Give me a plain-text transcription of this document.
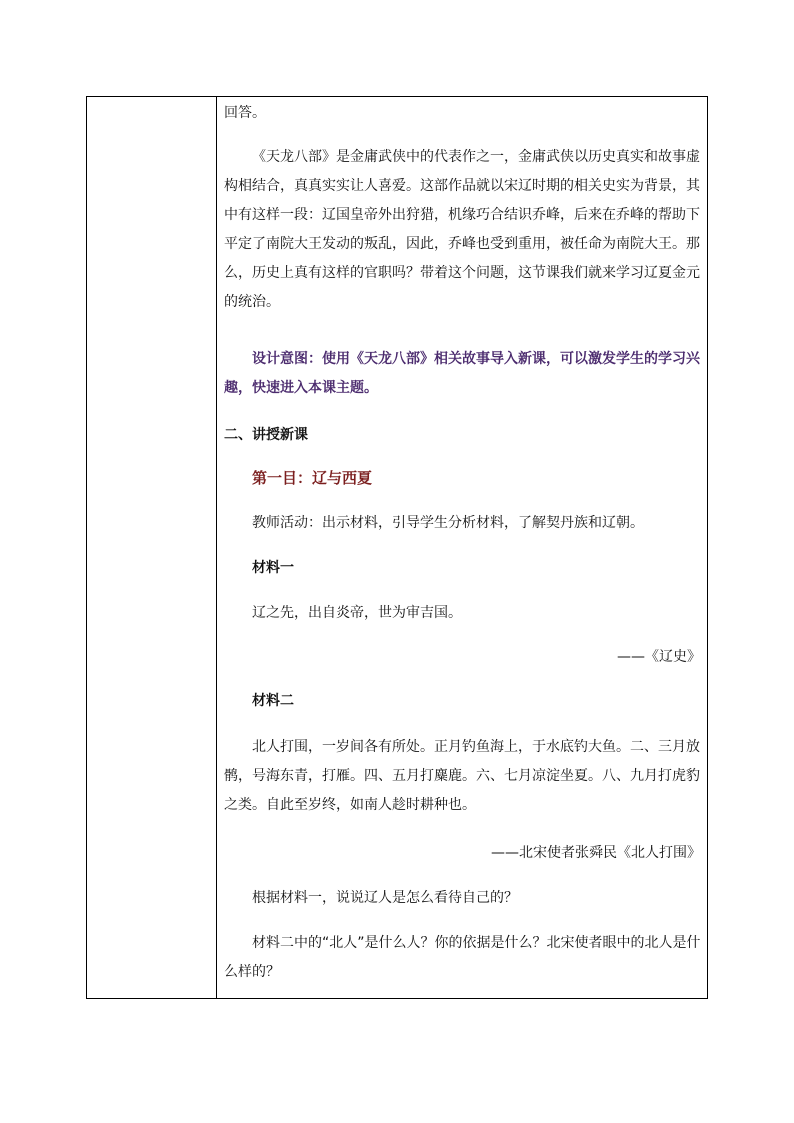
回答。

《天龙八部》是金庸武侠中的代表作之一，金庸武侠以历史真实和故事虚构相结合，真真实实让人喜爱。这部作品就以宋辽时期的相关史实为背景，其中有这样一段：辽国皇帝外出狩猎，机缘巧合结识乔峰，后来在乔峰的帮助下平定了南院大王发动的叛乱，因此，乔峰也受到重用，被任命为南院大王。那么，历史上真有这样的官职吗？带着这个问题，这节课我们就来学习辽夏金元的统治。

设计意图：使用《天龙八部》相关故事导入新课，可以激发学生的学习兴趣，快速进入本课主题。

二、讲授新课

第一目：辽与西夏

教师活动：出示材料，引导学生分析材料，了解契丹族和辽朝。

材料一

辽之先，出自炎帝，世为审吉国。

——《辽史》

材料二

北人打围，一岁间各有所处。正月钓鱼海上，于水底钓大鱼。二、三月放鹘，号海东青，打雁。四、五月打麋鹿。六、七月凉淀坐夏。八、九月打虎豹之类。自此至岁终，如南人趁时耕种也。

——北宋使者张舜民《北人打围》

根据材料一，说说辽人是怎么看待自己的？

材料二中的“北人”是什么人？你的依据是什么？北宋使者眼中的北人是什么样的？
